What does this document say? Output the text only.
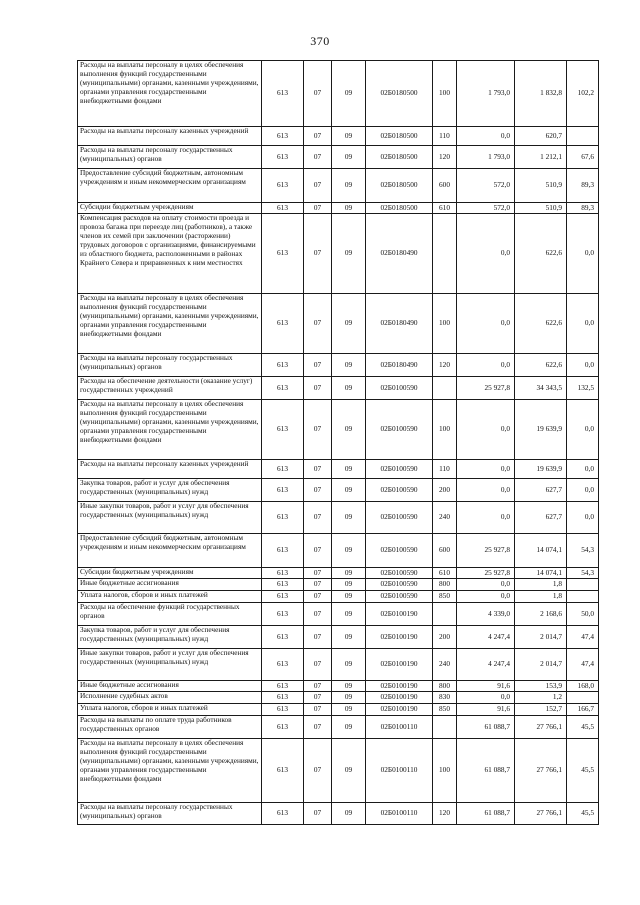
370
Расходы на выплаты персоналу в целях обеспечения выполнения функций государственными (муниципальными) органами, казенными учреждениями, органами управления государственными внебюджетными фондами	613	07	09	02Б0180500	100	1 793,0	1 832,8	102,2
Расходы на выплаты персоналу казенных учреждений	613	07	09	02Б0180500	110	0,0	620,7	
Расходы на выплаты персоналу государственных (муниципальных) органов	613	07	09	02Б0180500	120	1 793,0	1 212,1	67,6
Предоставление субсидий бюджетным, автономным учреждениям и иным некоммерческим организациям	613	07	09	02Б0180500	600	572,0	510,9	89,3
Субсидии бюджетным учреждениям	613	07	09	02Б0180500	610	572,0	510,9	89,3
Компенсация расходов на оплату стоимости проезда и провоза багажа при переезде лиц (работников), а также членов их семей при заключении (расторжении) трудовых договоров с организациями, финансируемыми из областного бюджета, расположенными в районах Крайнего Севера и приравненных к ним местностях	613	07	09	02Б0180490		0,0	622,6	0,0
Расходы на выплаты персоналу в целях обеспечения выполнения функций государственными (муниципальными) органами, казенными учреждениями, органами управления государственными внебюджетными фондами	613	07	09	02Б0180490	100	0,0	622,6	0,0
Расходы на выплаты персоналу государственных (муниципальных) органов	613	07	09	02Б0180490	120	0,0	622,6	0,0
Расходы на обеспечение деятельности (оказание услуг) государственных учреждений	613	07	09	02Б0100590		25 927,8	34 343,5	132,5
Расходы на выплаты персоналу в целях обеспечения выполнения функций государственными (муниципальными) органами, казенными учреждениями, органами управления государственными внебюджетными фондами	613	07	09	02Б0100590	100	0,0	19 639,9	0,0
Расходы на выплаты персоналу казенных учреждений	613	07	09	02Б0100590	110	0,0	19 639,9	0,0
Закупка товаров, работ и услуг для обеспечения государственных (муниципальных) нужд	613	07	09	02Б0100590	200	0,0	627,7	0,0
Иные закупки товаров, работ и услуг для обеспечения государственных (муниципальных) нужд	613	07	09	02Б0100590	240	0,0	627,7	0,0
Предоставление субсидий бюджетным, автономным учреждениям и иным некоммерческим организациям	613	07	09	02Б0100590	600	25 927,8	14 074,1	54,3
Субсидии бюджетным учреждениям	613	07	09	02Б0100590	610	25 927,8	14 074,1	54,3
Иные бюджетные ассигнования	613	07	09	02Б0100590	800	0,0	1,8	
Уплата налогов, сборов и иных платежей	613	07	09	02Б0100590	850	0,0	1,8	
Расходы на обеспечение функций государственных органов	613	07	09	02Б0100190		4 339,0	2 168,6	50,0
Закупка товаров, работ и услуг для обеспечения государственных (муниципальных) нужд	613	07	09	02Б0100190	200	4 247,4	2 014,7	47,4
Иные закупки товаров, работ и услуг для обеспечения государственных (муниципальных) нужд	613	07	09	02Б0100190	240	4 247,4	2 014,7	47,4
Иные бюджетные ассигнования	613	07	09	02Б0100190	800	91,6	153,9	168,0
Исполнение судебных актов	613	07	09	02Б0100190	830	0,0	1,2	
Уплата налогов, сборов и иных платежей	613	07	09	02Б0100190	850	91,6	152,7	166,7
Расходы на выплаты по оплате труда работников государственных органов	613	07	09	02Б0100110		61 088,7	27 766,1	45,5
Расходы на выплаты персоналу в целях обеспечения выполнения функций государственными (муниципальными) органами, казенными учреждениями, органами управления государственными внебюджетными фондами	613	07	09	02Б0100110	100	61 088,7	27 766,1	45,5
Расходы на выплаты персоналу государственных (муниципальных) органов	613	07	09	02Б0100110	120	61 088,7	27 766,1	45,5
